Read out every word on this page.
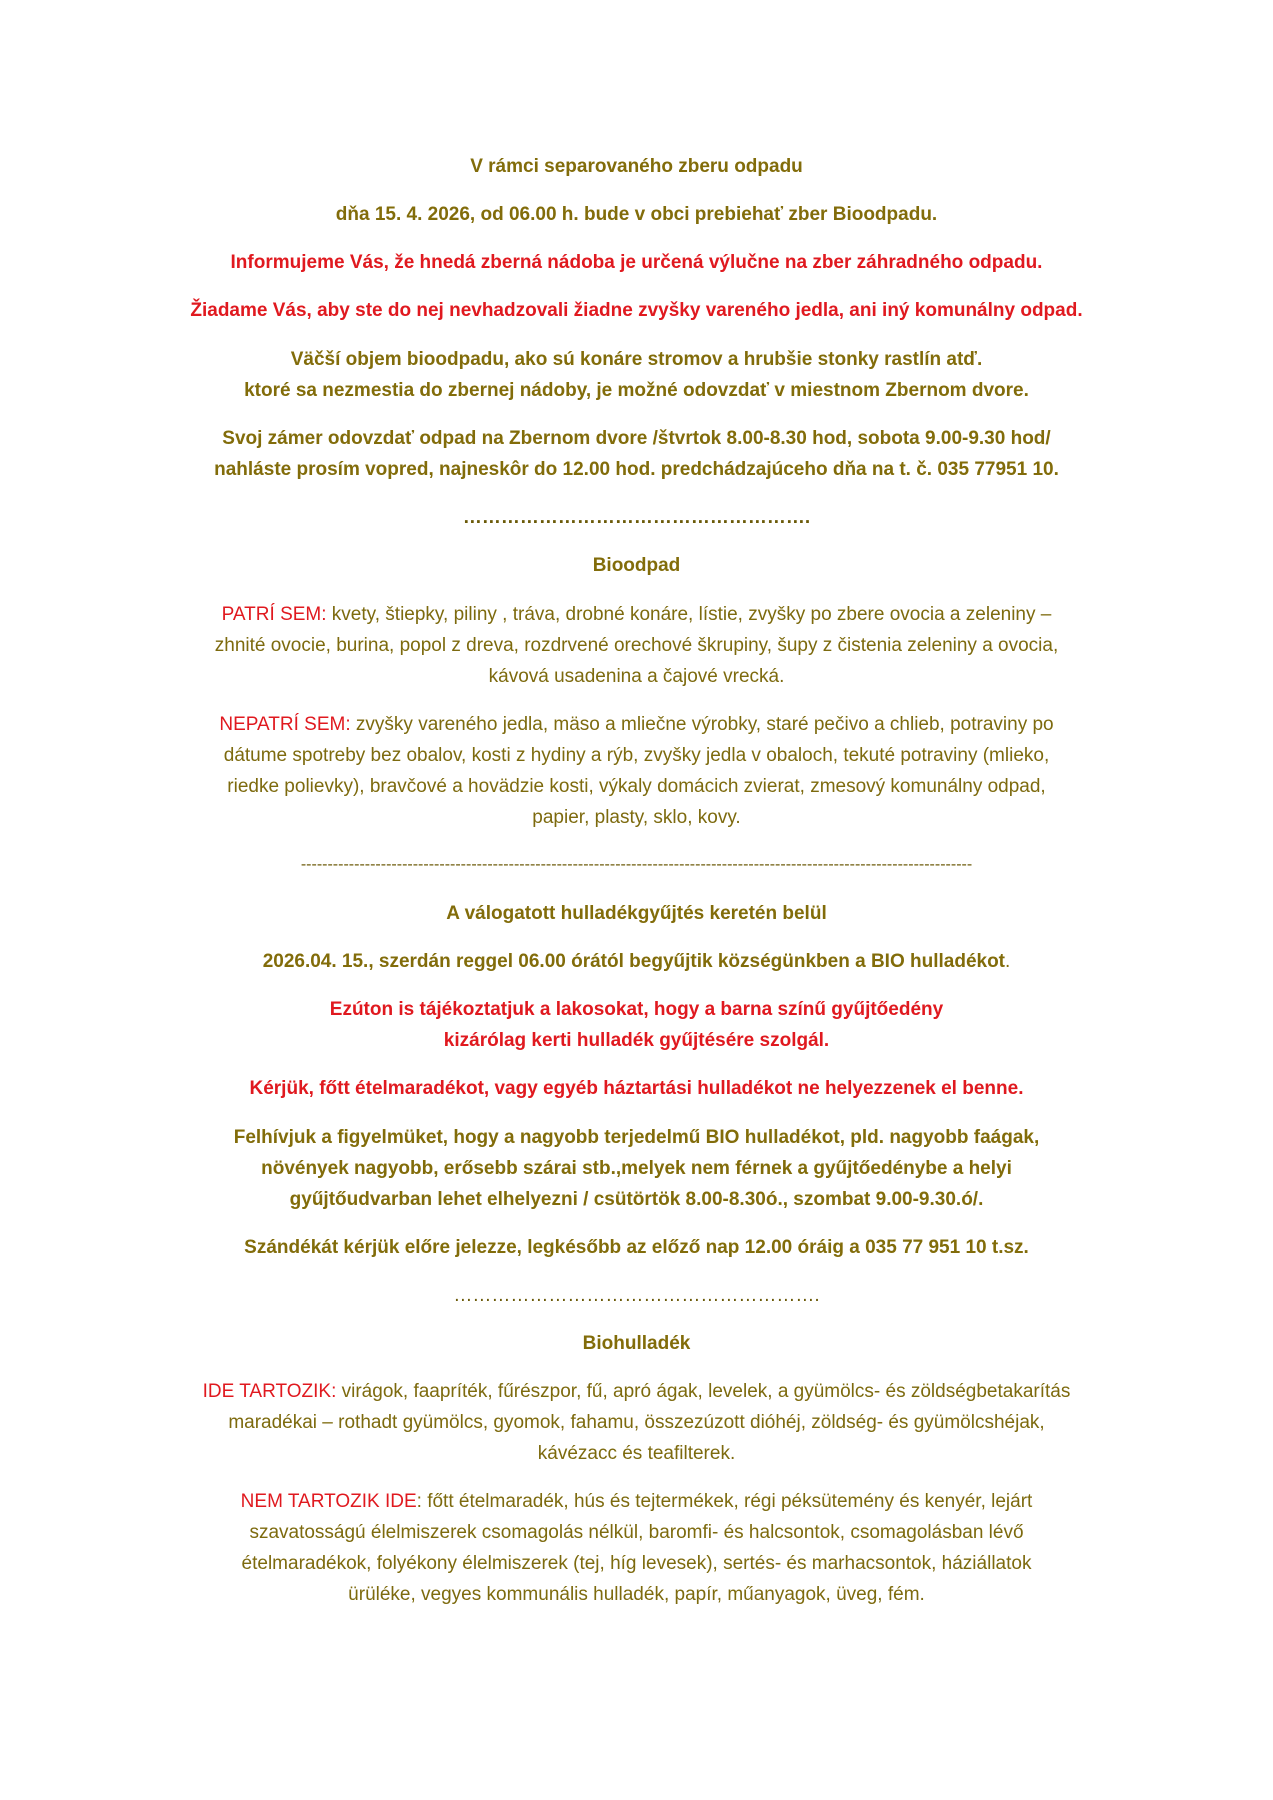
V rámci separovaného zberu odpadu
dňa 15. 4. 2026, od 06.00 h. bude v obci prebiehať zber Bioodpadu.
Informujeme Vás, že hnedá zberná nádoba je určená výlučne na zber záhradného odpadu.
Žiadame Vás, aby ste do nej nevhadzovali žiadne zvyšky vareného jedla, ani iný komunálny odpad.
Väčší objem bioodpadu, ako sú konáre stromov a hrubšie stonky rastlín atď.
ktoré sa nezmestia do zbernej nádoby, je možné odovzdať v miestnom Zbernom dvore.
Svoj zámer odovzdať odpad na Zbernom dvore /štvrtok 8.00-8.30 hod, sobota 9.00-9.30 hod/
nahláste prosím vopred, najneskôr do 12.00 hod. predchádzajúceho dňa na t. č. 035 77951 10.
……………………………………………….
Bioodpad
PATRÍ SEM: kvety, štiepky, piliny , tráva, drobné konáre, lístie, zvyšky po zbere ovocia a zeleniny –
zhnité ovocie, burina, popol z dreva, rozdrvené orechové škrupiny, šupy z čistenia zeleniny a ovocia,
kávová usadenina a čajové vrecká.
NEPATRÍ SEM: zvyšky vareného jedla, mäso a mliečne výrobky, staré pečivo a chlieb, potraviny po
dátume spotreby bez obalov, kosti z hydiny a rýb, zvyšky jedla v obaloch, tekuté potraviny (mlieko,
riedke polievky), bravčové a hovädzie kosti, výkaly domácich zvierat, zmesový komunálny odpad,
papier, plasty, sklo, kovy.
------------------------------------------------------------------------------------------------------------------------------
A válogatott hulladékgyűjtés keretén belül
2026.04. 15., szerdán reggel 06.00 órától begyűjtik községünkben a BIO hulladékot.
Ezúton is tájékoztatjuk a lakosokat, hogy a barna színű gyűjtőedény
kizárólag kerti hulladék gyűjtésére szolgál.
Kérjük, főtt ételmaradékot, vagy egyéb háztartási hulladékot ne helyezzenek el benne.
Felhívjuk a figyelmüket, hogy a nagyobb terjedelmű BIO hulladékot, pld. nagyobb faágak,
növények nagyobb, erősebb szárai stb.,melyek nem férnek a gyűjtőedénybe a helyi
gyűjtőudvarban lehet elhelyezni / csütörtök 8.00-8.30ó., szombat 9.00-9.30.ó/.
Szándékát kérjük előre jelezze, legkésőbb az előző nap 12.00 óráig a 035 77 951 10 t.sz.
………………………………………………….
Biohulladék
IDE TARTOZIK: virágok, faapríték, fűrészpor, fű, apró ágak, levelek, a gyümölcs- és zöldségbetakarítás
maradékai – rothadt gyümölcs, gyomok, fahamu, összezúzott dióhéj, zöldség- és gyümölcshéjak,
kávézacc és teafilterek.
NEM TARTOZIK IDE: főtt ételmaradék, hús és tejtermékek, régi péksütemény és kenyér, lejárt
szavatosságú élelmiszerek csomagolás nélkül, baromfi- és halcsontok, csomagolásban lévő
ételmaradékok, folyékony élelmiszerek (tej, híg levesek), sertés- és marhacsontok, háziállatok
ürüléke, vegyes kommunális hulladék, papír, műanyagok, üveg, fém.
